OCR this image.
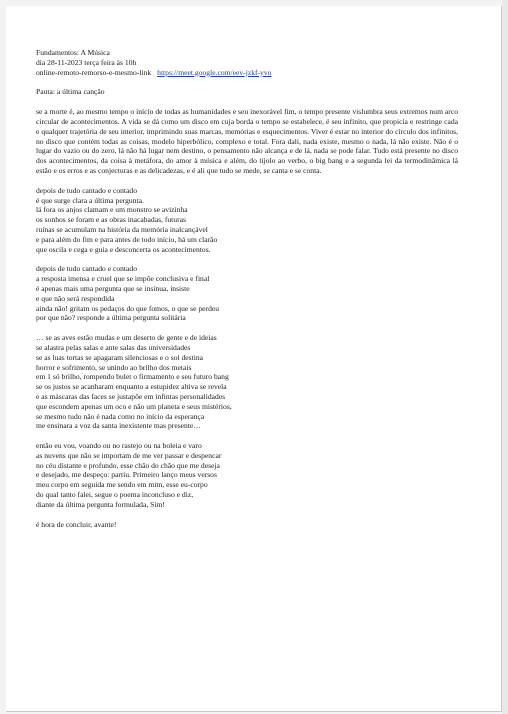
Fundamentos: A Música
dia 28-11-2023 terça feira às 10h
online-remoto-remorso-e-mesmo-link https://meet.google.com/eev-jzkf-yvo
Pauta: a última canção
se a morte é, ao mesmo tempo o início de todas as humanidades e seu inexorável fim, o tempo presente vislumbra seus extremos num arco circular de acontecimentos. A vida se dá como um disco em cuja borda o tempo se estabelece, é seu infinito, que propicia e restringe cada e qualquer trajetória de seu interior, imprimindo suas marcas, memórias e esquecimentos. Viver é estar no interior do círculo dos infinitos, no disco que contém todas as coisas, modelo hiperbólico, complexo e total. Fora dali, nada existe, mesmo o nada, lá não existe. Não é o lugar do vazio ou do zero, lá não há lugar nem destino, o pensamento não alcança e de lá, nada se pode falar. Tudo está presente no disco dos acontecimentos, da coisa à metáfora, do amor à música e além, do tijolo ao verbo, o big bang e a segunda lei da termodinâmica lá estão e os erros e as conjecturas e as delicadezas, e é ali que tudo se mede, se canta e se conta.
depois de tudo cantado e contado
é que surge clara a última pergunta.
lá fora os anjos clamam e um monstro se avizinha
os sonhos se foram e as obras inacabadas, futuras
ruínas se acumulam na história da memória inalcançável
e para além do fim e para antes de todo início, há um clarão
que oscila e cega e guia e desconcerta os acontecimentos.
depois de tudo cantado e contado
a resposta imensa e cruel que se impõe conclusiva e final
é apenas mais uma pergunta que se insinua, insiste
e que não será respondida
ainda não! gritam os pedaços do que fomos, o que se perdeu
por que não? responde a última pergunta solitária
… se as aves estão mudas e um deserto de gente e de ideias
se alastra pelas salas e ante salas das universidades
se as luas tortas se apagaram silenciosas e o sol destina
horror e sofrimento, se unindo ao brilho dos metais
em 1 só brilho, rompendo bulet o firmamento e seu futuro bang
se os justos se acanharam enquanto a estupidez altiva se revela
e as máscaras das faces se justapõe em infintas personalidades
que escondem apenas um oco e não um planeta e seus mistérios,
se mesmo tudo não é nada como no início da esperança
me ensinara a voz da santa inexistente mas presente…
então eu vou, voando ou no rastejo ou na boleia e varo
as nuvens que não se importam de me ver passar e despencar
no céu distante e profundo, esse chão do chão que me deseja
e desejado, me despeço: partiu. Primeiro lanço meus versos
meu corpo em seguida me sendo em mim, esse eu-corpo
do qual tanto falei, segue o poema inconcluso e diz,
diante da última pergunta formulada, Sim!
é hora de concluir, avante!
